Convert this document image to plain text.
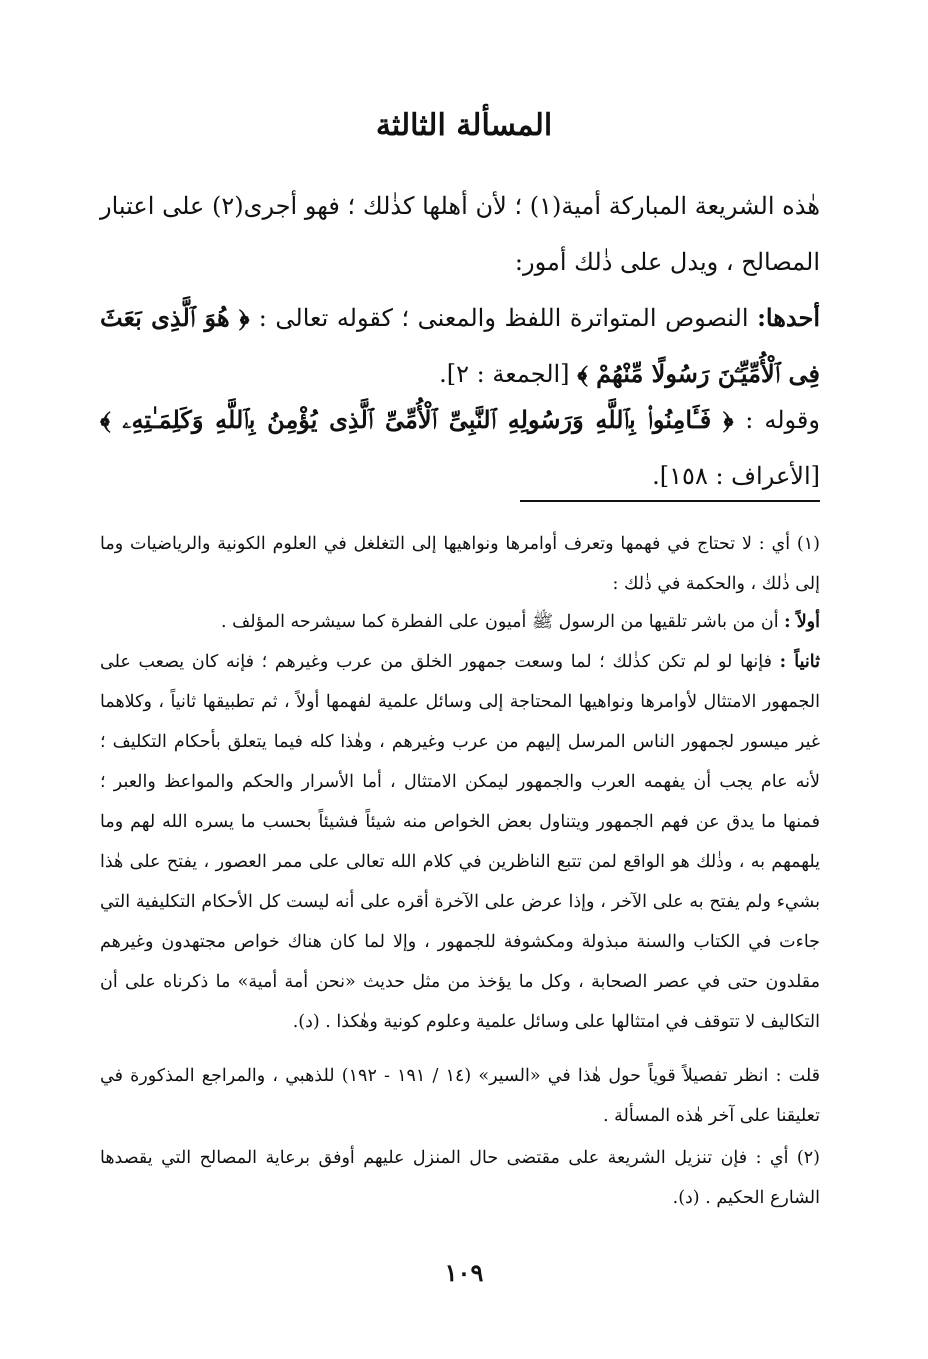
المسألة الثالثة

هٰذه الشريعة المباركة أمية(١) ؛ لأن أهلها كذٰلك ؛ فهو أجرى(٢) على اعتبار المصالح ، ويدل على ذٰلك أمور:

أحدها: النصوص المتواترة اللفظ والمعنى ؛ كقوله تعالى : ﴿ هُوَ ٱلَّذِى بَعَثَ فِى ٱلْأُمِّيِّـۧنَ رَسُولًا مِّنْهُمْ ﴾ [الجمعة : ٢].

وقوله : ﴿ فَـَٔامِنُوا۟ بِٱللَّهِ وَرَسُولِهِ ٱلنَّبِىِّ ٱلْأُمِّىِّ ٱلَّذِى يُؤْمِنُ بِٱللَّهِ وَكَلِمَـٰتِهِۦ ﴾ [الأعراف : ١٥٨].

(١) أي : لا تحتاج في فهمها وتعرف أوامرها ونواهيها إلى التغلغل في العلوم الكونية والرياضيات وما إلى ذٰلك ، والحكمة في ذٰلك :

أولاً : أن من باشر تلقيها من الرسول ﷺ أميون على الفطرة كما سيشرحه المؤلف .

ثانياً : فإنها لو لم تكن كذٰلك ؛ لما وسعت جمهور الخلق من عرب وغيرهم ؛ فإنه كان يصعب على الجمهور الامتثال لأوامرها ونواهيها المحتاجة إلى وسائل علمية لفهمها أولاً ، ثم تطبيقها ثانياً ، وكلاهما غير ميسور لجمهور الناس المرسل إليهم من عرب وغيرهم ، وهٰذا كله فيما يتعلق بأحكام التكليف ؛ لأنه عام يجب أن يفهمه العرب والجمهور ليمكن الامتثال ، أما الأسرار والحكم والمواعظ والعبر ؛ فمنها ما يدق عن فهم الجمهور ويتناول بعض الخواص منه شيئاً فشيئاً بحسب ما يسره الله لهم وما يلهمهم به ، وذٰلك هو الواقع لمن تتبع الناظرين في كلام الله تعالى على ممر العصور ، يفتح على هٰذا بشيء ولم يفتح به على الآخر ، وإذا عرض على الآخرة أقره على أنه ليست كل الأحكام التكليفية التي جاءت في الكتاب والسنة مبذولة ومكشوفة للجمهور ، وإلا لما كان هناك خواص مجتهدون وغيرهم مقلدون حتى في عصر الصحابة ، وكل ما يؤخذ من مثل حديث «نحن أمة أمية» ما ذكرناه على أن التكاليف لا تتوقف في امتثالها على وسائل علمية وعلوم كونية وهٰكذا . (د).

قلت : انظر تفصيلاً قوياً حول هٰذا في «السير» (١٤ / ١٩١ - ١٩٢) للذهبي ، والمراجع المذكورة في تعليقنا على آخر هٰذه المسألة .

(٢) أي : فإن تنزيل الشريعة على مقتضى حال المنزل عليهم أوفق برعاية المصالح التي يقصدها الشارع الحكيم . (د).

١٠٩
